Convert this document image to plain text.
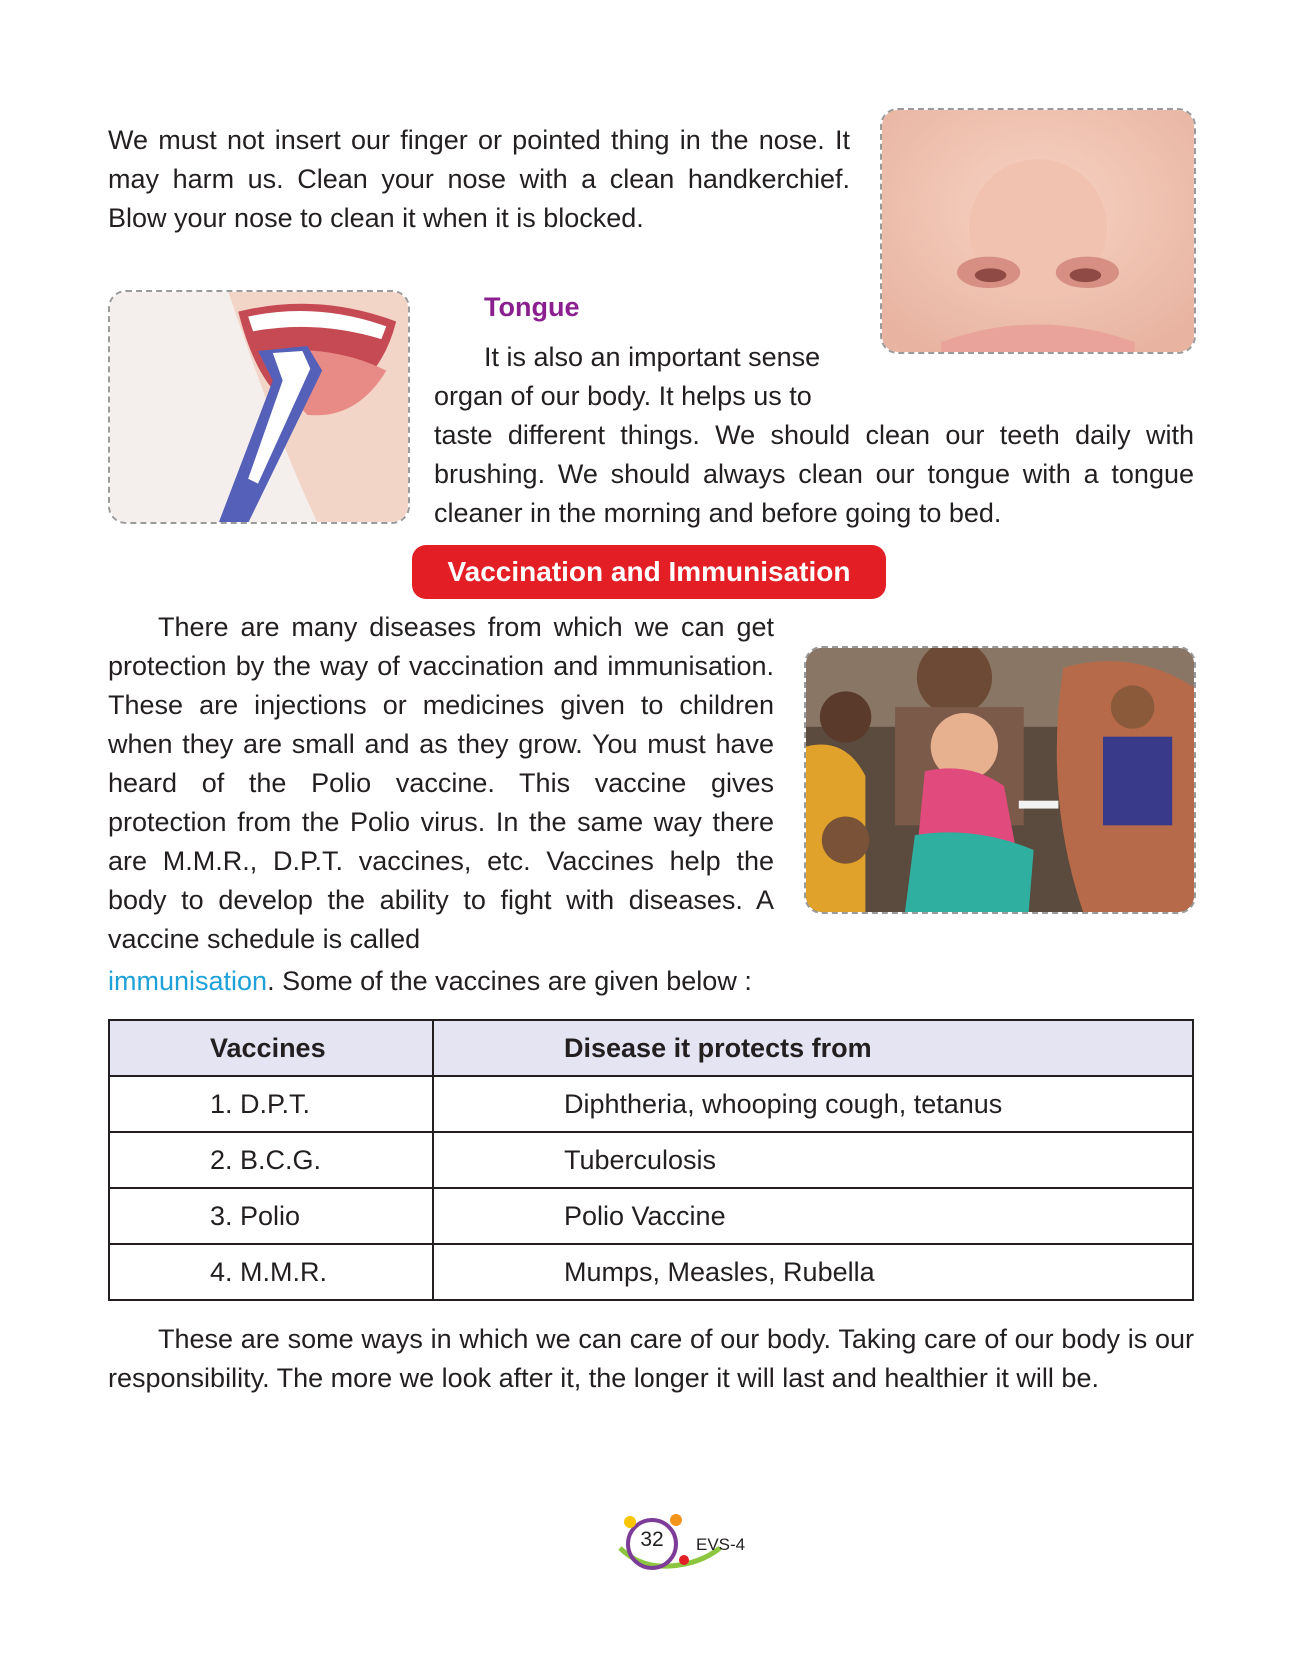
We must not insert our finger or pointed thing in the nose. It may harm us. Clean your nose with a clean handkerchief. Blow your nose to clean it when it is blocked.

Tongue

It is also an important sense organ of our body. It helps us to

taste different things. We should clean our teeth daily with brushing. We should always clean our tongue with a tongue cleaner in the morning and before going to bed.

Vaccination and Immunisation

There are many diseases from which we can get protection by the way of vaccination and immunisation. These are injections or medicines given to children when they are small and as they grow. You must have heard of the Polio vaccine. This vaccine gives protection from the Polio virus. In the same way there are M.M.R., D.P.T. vaccines, etc. Vaccines help the body to develop the ability to fight with diseases. A vaccine schedule is called

immunisation. Some of the vaccines are given below :

Vaccines	Disease it protects from
1. D.P.T.	Diphtheria, whooping cough, tetanus
2. B.C.G.	Tuberculosis
3. Polio	Polio Vaccine
4. M.M.R.	Mumps, Measles, Rubella

These are some ways in which we can care of our body. Taking care of our body is our responsibility. The more we look after it, the longer it will last and healthier it will be.

32	EVS-4
